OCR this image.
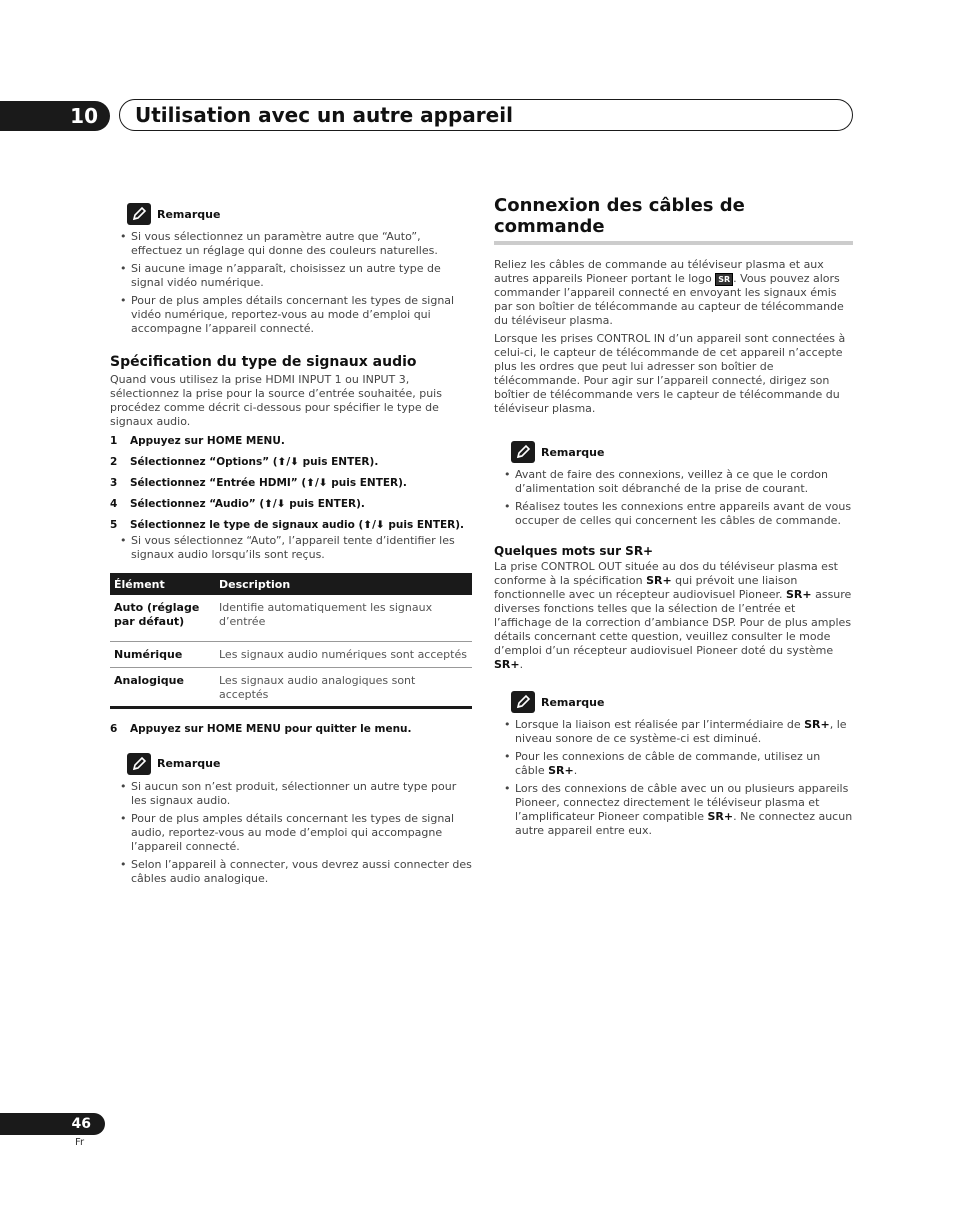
10 Utilisation avec un autre appareil
Remarque
• Si vous sélectionnez un paramètre autre que “Auto”, effectuez un réglage qui donne des couleurs naturelles.
• Si aucune image n’apparaît, choisissez un autre type de signal vidéo numérique.
• Pour de plus amples détails concernant les types de signal vidéo numérique, reportez-vous au mode d’emploi qui accompagne l’appareil connecté.
Spécification du type de signaux audio
Quand vous utilisez la prise HDMI INPUT 1 ou INPUT 3, sélectionnez la prise pour la source d’entrée souhaitée, puis procédez comme décrit ci-dessous pour spécifier le type de signaux audio.
1	Appuyez sur HOME MENU.
2	Sélectionnez “Options” (⬆/⬇ puis ENTER).
3	Sélectionnez “Entrée HDMI” (⬆/⬇ puis ENTER).
4	Sélectionnez “Audio” (⬆/⬇ puis ENTER).
5	Sélectionnez le type de signaux audio (⬆/⬇ puis ENTER).
• Si vous sélectionnez “Auto”, l’appareil tente d’identifier les signaux audio lorsqu’ils sont reçus.
Élément	Description
Auto (réglage par défaut)	Identifie automatiquement les signaux d’entrée
Numérique	Les signaux audio numériques sont acceptés
Analogique	Les signaux audio analogiques sont acceptés
6	Appuyez sur HOME MENU pour quitter le menu.
Remarque
• Si aucun son n’est produit, sélectionner un autre type pour les signaux audio.
• Pour de plus amples détails concernant les types de signal audio, reportez-vous au mode d’emploi qui accompagne l’appareil connecté.
• Selon l’appareil à connecter, vous devrez aussi connecter des câbles audio analogique.
Connexion des câbles de commande
Reliez les câbles de commande au téléviseur plasma et aux autres appareils Pioneer portant le logo SR . Vous pouvez alors commander l’appareil connecté en envoyant les signaux émis par son boîtier de télécommande au capteur de télécommande du téléviseur plasma.
Lorsque les prises CONTROL IN d’un appareil sont connectées à celui-ci, le capteur de télécommande de cet appareil n’accepte plus les ordres que peut lui adresser son boîtier de télécommande. Pour agir sur l’appareil connecté, dirigez son boîtier de télécommande vers le capteur de télécommande du téléviseur plasma.
Remarque
• Avant de faire des connexions, veillez à ce que le cordon d’alimentation soit débranché de la prise de courant.
• Réalisez toutes les connexions entre appareils avant de vous occuper de celles qui concernent les câbles de commande.
Quelques mots sur SR+
La prise CONTROL OUT située au dos du téléviseur plasma est conforme à la spécification SR+ qui prévoit une liaison fonctionnelle avec un récepteur audiovisuel Pioneer. SR+ assure diverses fonctions telles que la sélection de l’entrée et l’affichage de la correction d’ambiance DSP. Pour de plus amples détails concernant cette question, veuillez consulter le mode d’emploi d’un récepteur audiovisuel Pioneer doté du système SR+.
Remarque
• Lorsque la liaison est réalisée par l’intermédiaire de SR+, le niveau sonore de ce système-ci est diminué.
• Pour les connexions de câble de commande, utilisez un câble SR+.
• Lors des connexions de câble avec un ou plusieurs appareils Pioneer, connectez directement le téléviseur plasma et l’amplificateur Pioneer compatible SR+. Ne connectez aucun autre appareil entre eux.
46
Fr
